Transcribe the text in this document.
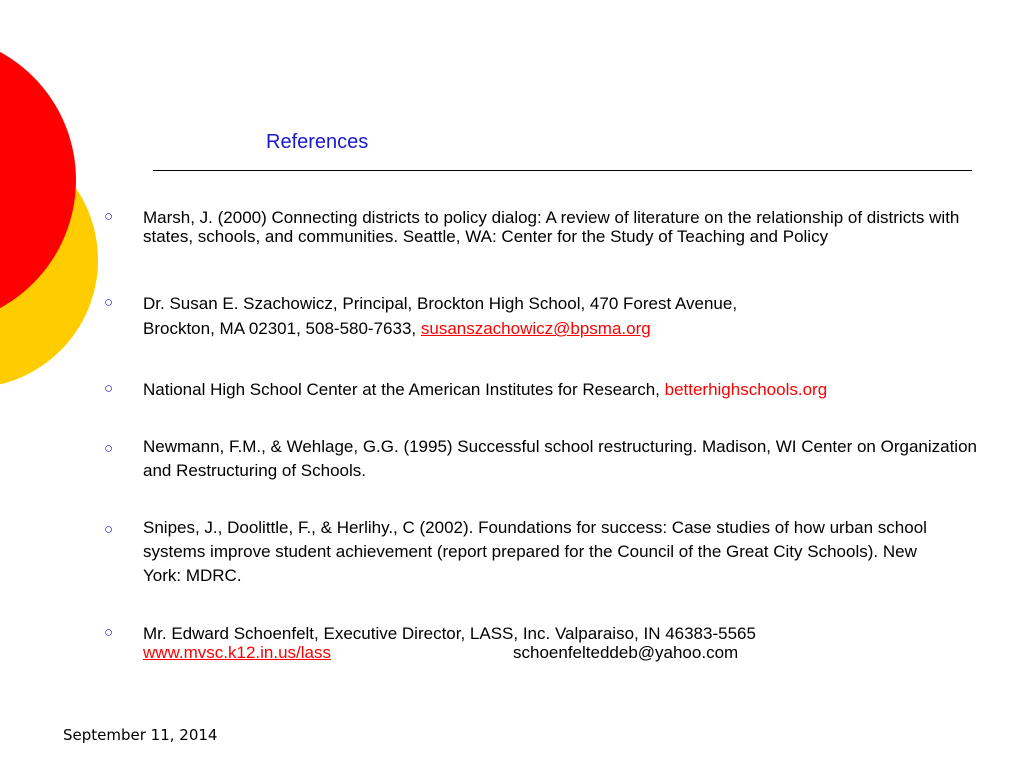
References
○ Marsh, J. (2000) Connecting districts to policy dialog: A review of literature on the relationship of districts with states, schools, and communities. Seattle, WA: Center for the Study of Teaching and Policy
○ Dr. Susan E. Szachowicz, Principal, Brockton High School, 470 Forest Avenue,
Brockton, MA 02301, 508-580-7633, susanszachowicz@bpsma.org
○ National High School Center at the American Institutes for Research, betterhighschools.org
○ Newmann, F.M., & Wehlage, G.G. (1995) Successful school restructuring. Madison, WI Center on Organization and Restructuring of Schools.
○ Snipes, J., Doolittle, F., & Herlihy., C (2002). Foundations for success: Case studies of how urban school systems improve student achievement (report prepared for the Council of the Great City Schools). New York: MDRC.
○ Mr. Edward Schoenfelt, Executive Director, LASS, Inc. Valparaiso, IN 46383-5565
www.mvsc.k12.in.us/lass	schoenfelteddeb@yahoo.com
September 11, 2014
